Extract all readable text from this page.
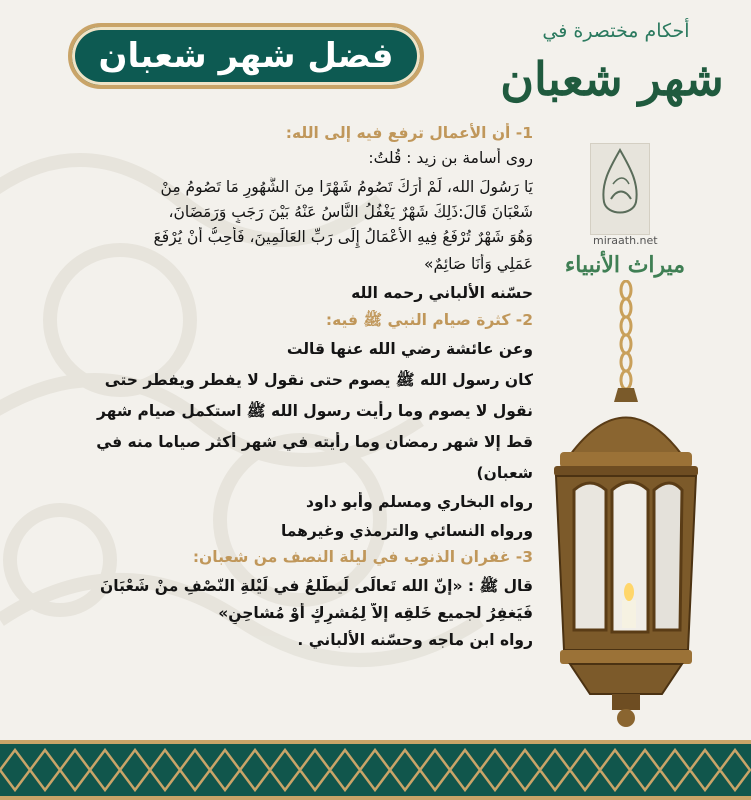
فضل شهر شعبان
أحكام مختصرة في
شهر شعبان
miraath.net
ميراث الأنبياء
1- أن الأعمال ترفع فيه إلى الله:
روى أسامة بن زيد : قُلتُ:
يَا رَسُولَ الله، لَمْ أَرَكَ تَصُومُ شَهْرًا مِنَ الشُّهُورِ مَا تَصُومُ مِنْ
شَعْبَانَ قَالَ:ذَلِكَ شَهْرٌ يَغْفُلُ النَّاسُ عَنْهُ بَيْنَ رَجَبٍ وَرَمَضَانَ،
وَهُوَ شَهْرٌ تُرْفَعُ فِيهِ الأَعْمَالُ إِلَى رَبِّ العَالَمِينَ، فَأُحِبُّ أَنْ يُرْفَعَ
عَمَلِي وَأَنَا صَائِمٌ»
حسّنه الألباني رحمه الله
2- كثرة صيام النبي ﷺ فيه:
وعن عائشة رضي الله عنها قالت
كان رسول الله ﷺ يصوم حتى نقول لا يفطر ويفطر حتى
نقول لا يصوم وما رأيت رسول الله ﷺ استكمل صيام شهر
قط إلا شهر رمضان وما رأيته في شهر أكثر صياما منه في
شعبان)
رواه البخاري ومسلم وأبو داود
ورواه النسائي والترمذي وغيرهما
3- غفران الذنوب في ليلة النصف من شعبان:
قال ﷺ : «إنّ الله تَعالَى لَيطّلعُ في لَيْلةِ النّصْفِ منْ شَعْبَانَ
فَيَغفِرُ لجميع خَلقِه إلاّ لِمُشرِكٍ أوْ مُشاحِنٍ»
رواه ابن ماجه وحسّنه الألباني .
